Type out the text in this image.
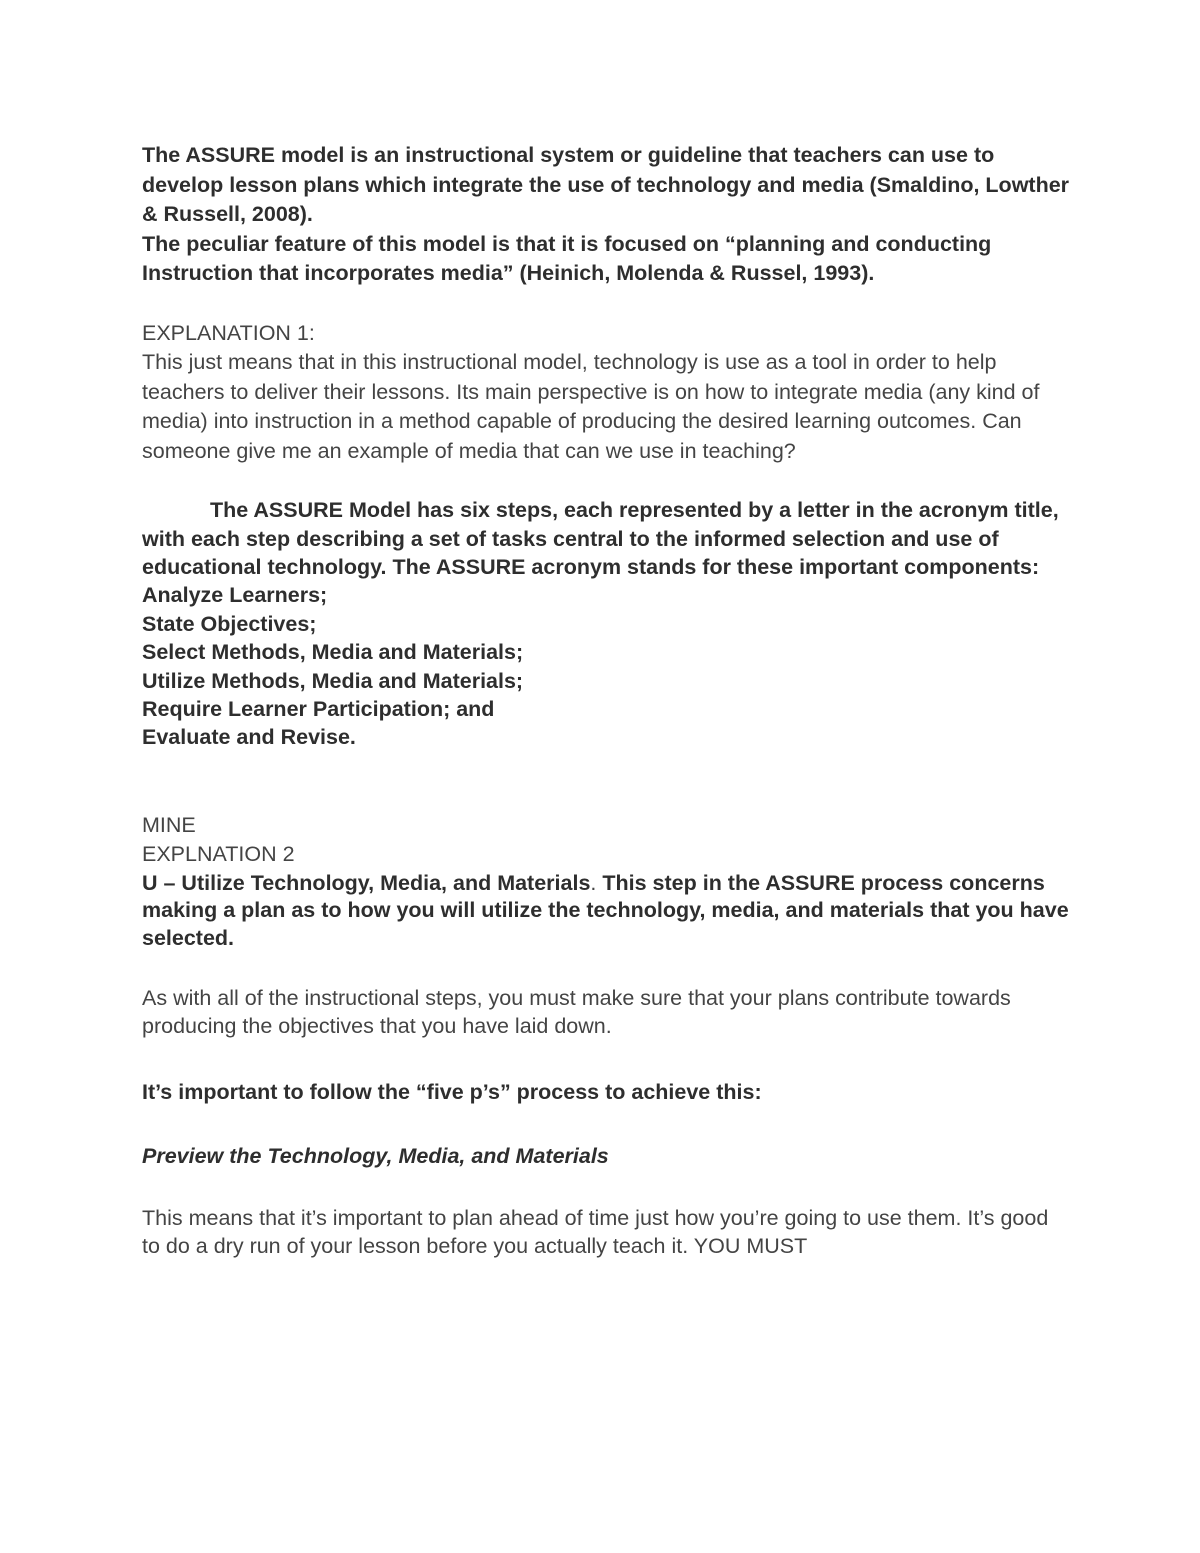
The ASSURE model is an instructional system or guideline that teachers can use to develop lesson plans which integrate the use of technology and media (Smaldino, Lowther & Russell, 2008).

The peculiar feature of this model is that it is focused on “planning and conducting Instruction that incorporates media” (Heinich, Molenda & Russel, 1993).

EXPLANATION 1:

This just means that in this instructional model, technology is use as a tool in order to help teachers to deliver their lessons. Its main perspective is on how to integrate media (any kind of media) into instruction in a method capable of producing the desired learning outcomes. Can someone give me an example of media that can we use in teaching?

The ASSURE Model has six steps, each represented by a letter in the acronym title, with each step describing a set of tasks central to the informed selection and use of educational technology. The ASSURE acronym stands for these important components:

Analyze Learners;

State Objectives;

Select Methods, Media and Materials;

Utilize Methods, Media and Materials;

Require Learner Participation; and

Evaluate and Revise.

MINE

EXPLNATION 2

U – Utilize Technology, Media, and Materials. This step in the ASSURE process concerns making a plan as to how you will utilize the technology, media, and materials that you have selected.

As with all of the instructional steps, you must make sure that your plans contribute towards producing the objectives that you have laid down.

It’s important to follow the “five p’s” process to achieve this:

Preview the Technology, Media, and Materials

This means that it’s important to plan ahead of time just how you’re going to use them. It’s good to do a dry run of your lesson before you actually teach it. YOU MUST
